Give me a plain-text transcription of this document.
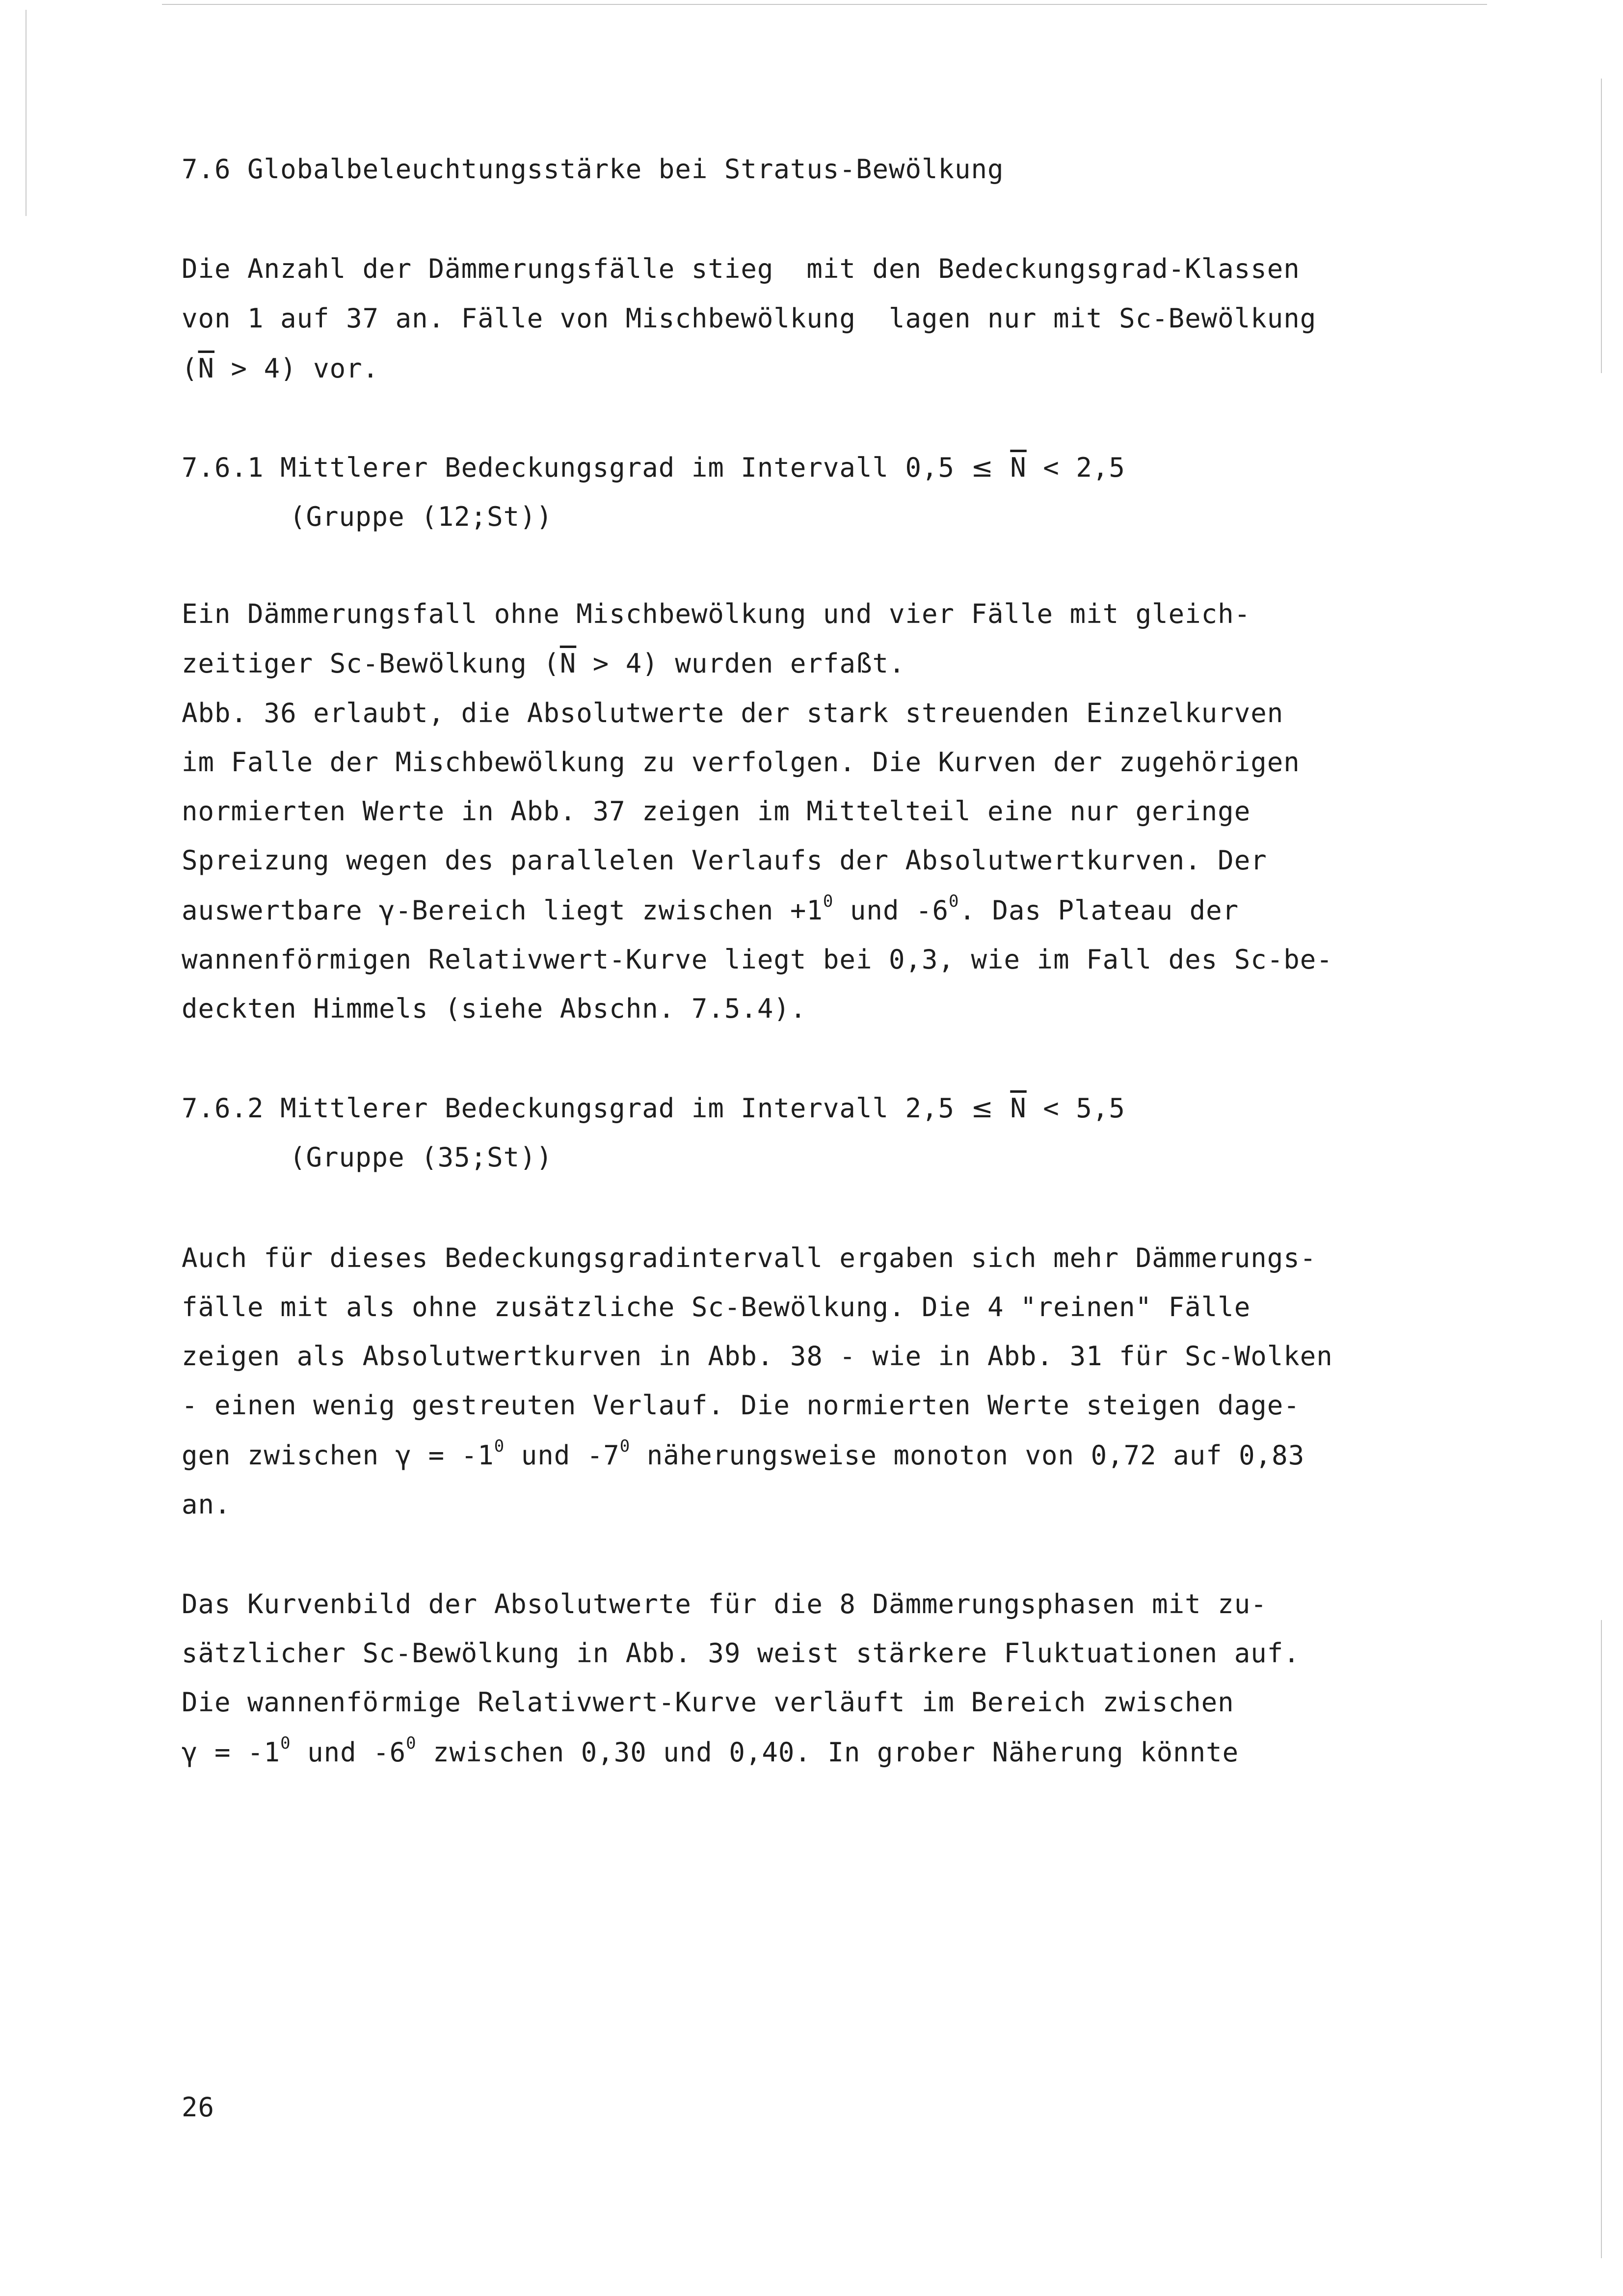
7.6 Globalbeleuchtungsstärke bei Stratus-Bewölkung
Die Anzahl der Dämmerungsfälle stieg  mit den Bedeckungsgrad-Klassen
von 1 auf 37 an. Fälle von Mischbewölkung  lagen nur mit Sc-Bewölkung
$(\overline{N} > 4)$ vor.
7.6.1 Mittlerer Bedeckungsgrad im Intervall $0,5 \le \overline{N} < 2,5$
(Gruppe (12;St))
Ein Dämmerungsfall ohne Mischbewölkung und vier Fälle mit gleich-
zeitiger Sc-Bewölkung $(\overline{N} > 4)$ wurden erfaßt.
Abb. 36 erlaubt, die Absolutwerte der stark streuenden Einzelkurven
im Falle der Mischbewölkung zu verfolgen. Die Kurven der zugehörigen
normierten Werte in Abb. 37 zeigen im Mittelteil eine nur geringe
Spreizung wegen des parallelen Verlaufs der Absolutwertkurven. Der
auswertbare γ-Bereich liegt zwischen $+1^0$ und $-6^0$. Das Plateau der
wannenförmigen Relativwert-Kurve liegt bei 0,3, wie im Fall des Sc-be-
deckten Himmels (siehe Abschn. 7.5.4).
7.6.2 Mittlerer Bedeckungsgrad im Intervall $2,5 \le \overline{N} < 5,5$
(Gruppe (35;St))
Auch für dieses Bedeckungsgradintervall ergaben sich mehr Dämmerungs-
fälle mit als ohne zusätzliche Sc-Bewölkung. Die 4 "reinen" Fälle
zeigen als Absolutwertkurven in Abb. 38 - wie in Abb. 31 für Sc-Wolken
- einen wenig gestreuten Verlauf. Die normierten Werte steigen dage-
gen zwischen $\gamma = -1^0$ und $-7^0$ näherungsweise monoton von 0,72 auf 0,83
an.
Das Kurvenbild der Absolutwerte für die 8 Dämmerungsphasen mit zu-
sätzlicher Sc-Bewölkung in Abb. 39 weist stärkere Fluktuationen auf.
Die wannenförmige Relativwert-Kurve verläuft im Bereich zwischen
$\gamma = -1^0$ und $-6^0$ zwischen 0,30 und 0,40. In grober Näherung könnte
26
